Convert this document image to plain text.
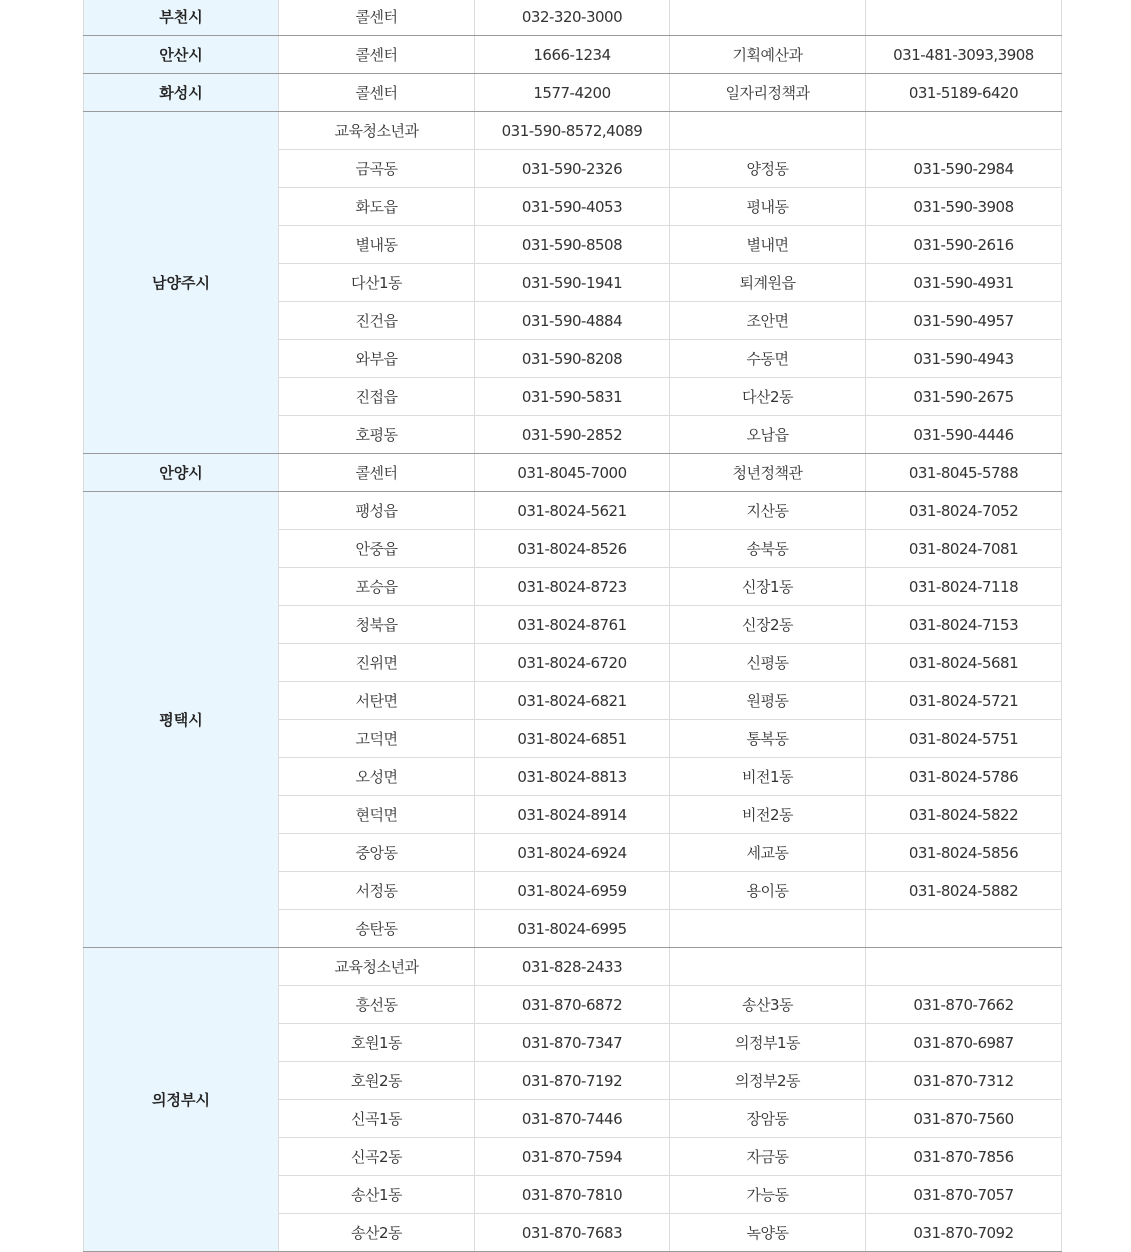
부천시	콜센터	032-320-3000		
안산시	콜센터	1666-1234	기획예산과	031-481-3093,3908
화성시	콜센터	1577-4200	일자리정책과	031-5189-6420
남양주시	교육청소년과	031-590-8572,4089		
	금곡동	031-590-2326	양정동	031-590-2984
	화도읍	031-590-4053	평내동	031-590-3908
	별내동	031-590-8508	별내면	031-590-2616
	다산1동	031-590-1941	퇴계원읍	031-590-4931
	진건읍	031-590-4884	조안면	031-590-4957
	와부읍	031-590-8208	수동면	031-590-4943
	진접읍	031-590-5831	다산2동	031-590-2675
	호평동	031-590-2852	오남읍	031-590-4446
안양시	콜센터	031-8045-7000	청년정책관	031-8045-5788
평택시	팽성읍	031-8024-5621	지산동	031-8024-7052
	안중읍	031-8024-8526	송북동	031-8024-7081
	포승읍	031-8024-8723	신장1동	031-8024-7118
	청북읍	031-8024-8761	신장2동	031-8024-7153
	진위면	031-8024-6720	신평동	031-8024-5681
	서탄면	031-8024-6821	원평동	031-8024-5721
	고덕면	031-8024-6851	통복동	031-8024-5751
	오성면	031-8024-8813	비전1동	031-8024-5786
	현덕면	031-8024-8914	비전2동	031-8024-5822
	중앙동	031-8024-6924	세교동	031-8024-5856
	서정동	031-8024-6959	용이동	031-8024-5882
	송탄동	031-8024-6995		
의정부시	교육청소년과	031-828-2433		
	흥선동	031-870-6872	송산3동	031-870-7662
	호원1동	031-870-7347	의정부1동	031-870-6987
	호원2동	031-870-7192	의정부2동	031-870-7312
	신곡1동	031-870-7446	장암동	031-870-7560
	신곡2동	031-870-7594	자금동	031-870-7856
	송산1동	031-870-7810	가능동	031-870-7057
	송산2동	031-870-7683	녹양동	031-870-7092
